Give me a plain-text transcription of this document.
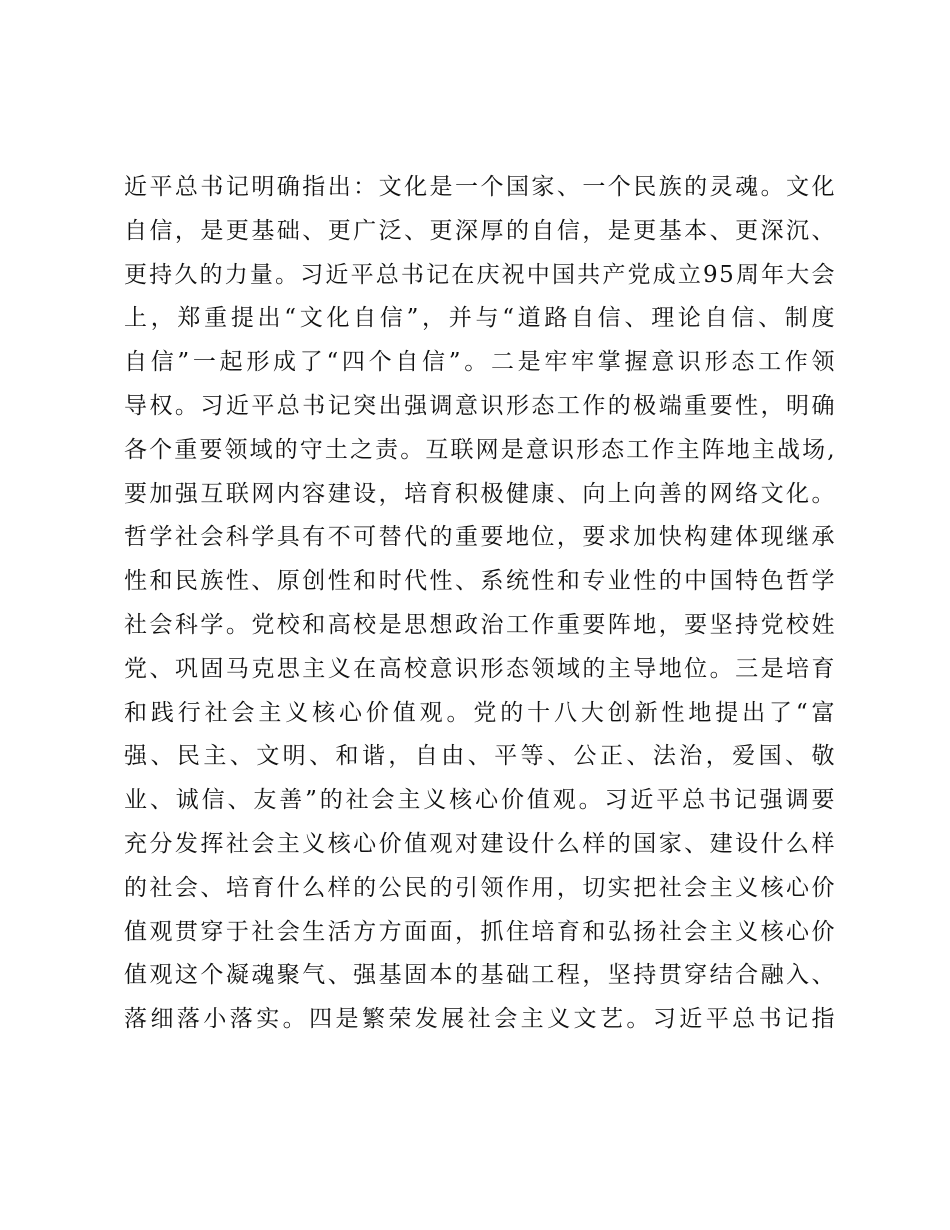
近平总书记明确指出：文化是一个国家、一个民族的灵魂。文化
自信，是更基础、更广泛、更深厚的自信，是更基本、更深沉、
更持久的力量。习近平总书记在庆祝中国共产党成立95周年大会
上，郑重提出“文化自信”，并与“道路自信、理论自信、制度
自信”一起形成了“四个自信”。二是牢牢掌握意识形态工作领
导权。习近平总书记突出强调意识形态工作的极端重要性，明确
各个重要领域的守土之责。互联网是意识形态工作主阵地主战场,
要加强互联网内容建设，培育积极健康、向上向善的网络文化。
哲学社会科学具有不可替代的重要地位，要求加快构建体现继承
性和民族性、原创性和时代性、系统性和专业性的中国特色哲学
社会科学。党校和高校是思想政治工作重要阵地，要坚持党校姓
党、巩固马克思主义在高校意识形态领域的主导地位。三是培育
和践行社会主义核心价值观。党的十八大创新性地提出了“富
强、民主、文明、和谐，自由、平等、公正、法治，爱国、敬
业、诚信、友善”的社会主义核心价值观。习近平总书记强调要
充分发挥社会主义核心价值观对建设什么样的国家、建设什么样
的社会、培育什么样的公民的引领作用，切实把社会主义核心价
值观贯穿于社会生活方方面面，抓住培育和弘扬社会主义核心价
值观这个凝魂聚气、强基固本的基础工程，坚持贯穿结合融入、
落细落小落实。四是繁荣发展社会主义文艺。习近平总书记指
